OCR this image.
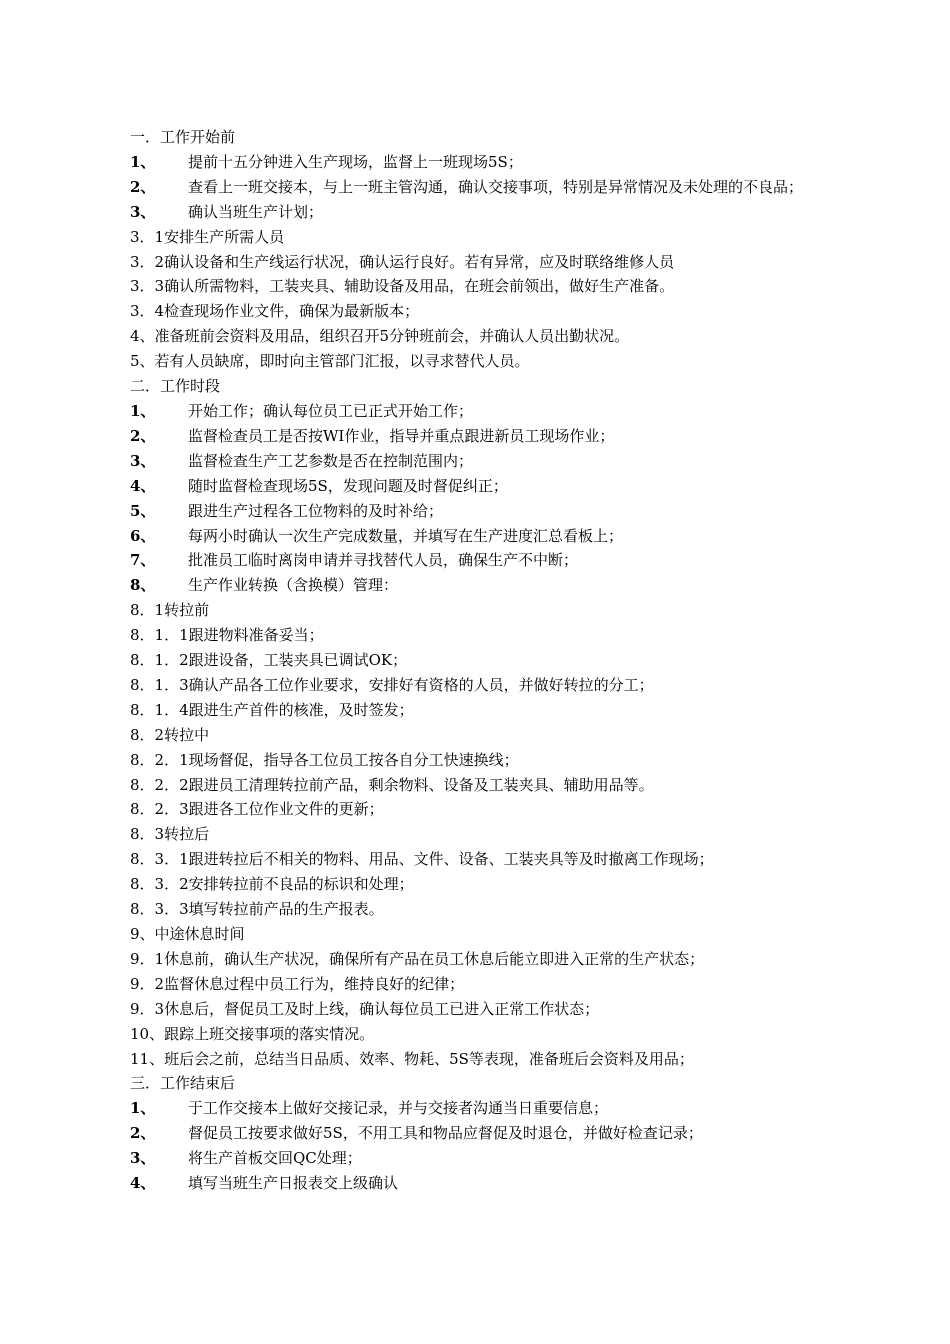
一．工作开始前
1、	提前十五分钟进入生产现场，监督上一班现场5S；
2、	查看上一班交接本，与上一班主管沟通，确认交接事项，特别是异常情况及未处理的不良品；
3、	确认当班生产计划；
3．1安排生产所需人员
3．2确认设备和生产线运行状况，确认运行良好。若有异常，应及时联络维修人员
3．3确认所需物料，工装夹具、辅助设备及用品，在班会前领出，做好生产准备。
3．4检查现场作业文件，确保为最新版本；
4、准备班前会资料及用品，组织召开5分钟班前会，并确认人员出勤状况。
5、若有人员缺席，即时向主管部门汇报，以寻求替代人员。
二．工作时段
1、	开始工作；确认每位员工已正式开始工作；
2、	监督检查员工是否按WI作业，指导并重点跟进新员工现场作业；
3、	监督检查生产工艺参数是否在控制范围内；
4、	随时监督检查现场5S，发现问题及时督促纠正；
5、	跟进生产过程各工位物料的及时补给；
6、	每两小时确认一次生产完成数量，并填写在生产进度汇总看板上；
7、	批准员工临时离岗申请并寻找替代人员，确保生产不中断；
8、	生产作业转换（含换模）管理：
8．1转拉前
8．1．1跟进物料准备妥当；
8．1．2跟进设备，工装夹具已调试OK；
8．1．3确认产品各工位作业要求，安排好有资格的人员，并做好转拉的分工；
8．1．4跟进生产首件的核准，及时签发；
8．2转拉中
8．2．1现场督促，指导各工位员工按各自分工快速换线；
8．2．2跟进员工清理转拉前产品，剩余物料、设备及工装夹具、辅助用品等。
8．2．3跟进各工位作业文件的更新；
8．3转拉后
8．3．1跟进转拉后不相关的物料、用品、文件、设备、工装夹具等及时撤离工作现场；
8．3．2安排转拉前不良品的标识和处理；
8．3．3填写转拉前产品的生产报表。
9、中途休息时间
9．1休息前，确认生产状况，确保所有产品在员工休息后能立即进入正常的生产状态；
9．2监督休息过程中员工行为，维持良好的纪律；
9．3休息后，督促员工及时上线，确认每位员工已进入正常工作状态；
10、跟踪上班交接事项的落实情况。
11、班后会之前，总结当日品质、效率、物耗、5S等表现，准备班后会资料及用品；
三．工作结束后
1、	于工作交接本上做好交接记录，并与交接者沟通当日重要信息；
2、	督促员工按要求做好5S，不用工具和物品应督促及时退仓，并做好检查记录；
3、	将生产首板交回QC处理；
4、	填写当班生产日报表交上级确认
